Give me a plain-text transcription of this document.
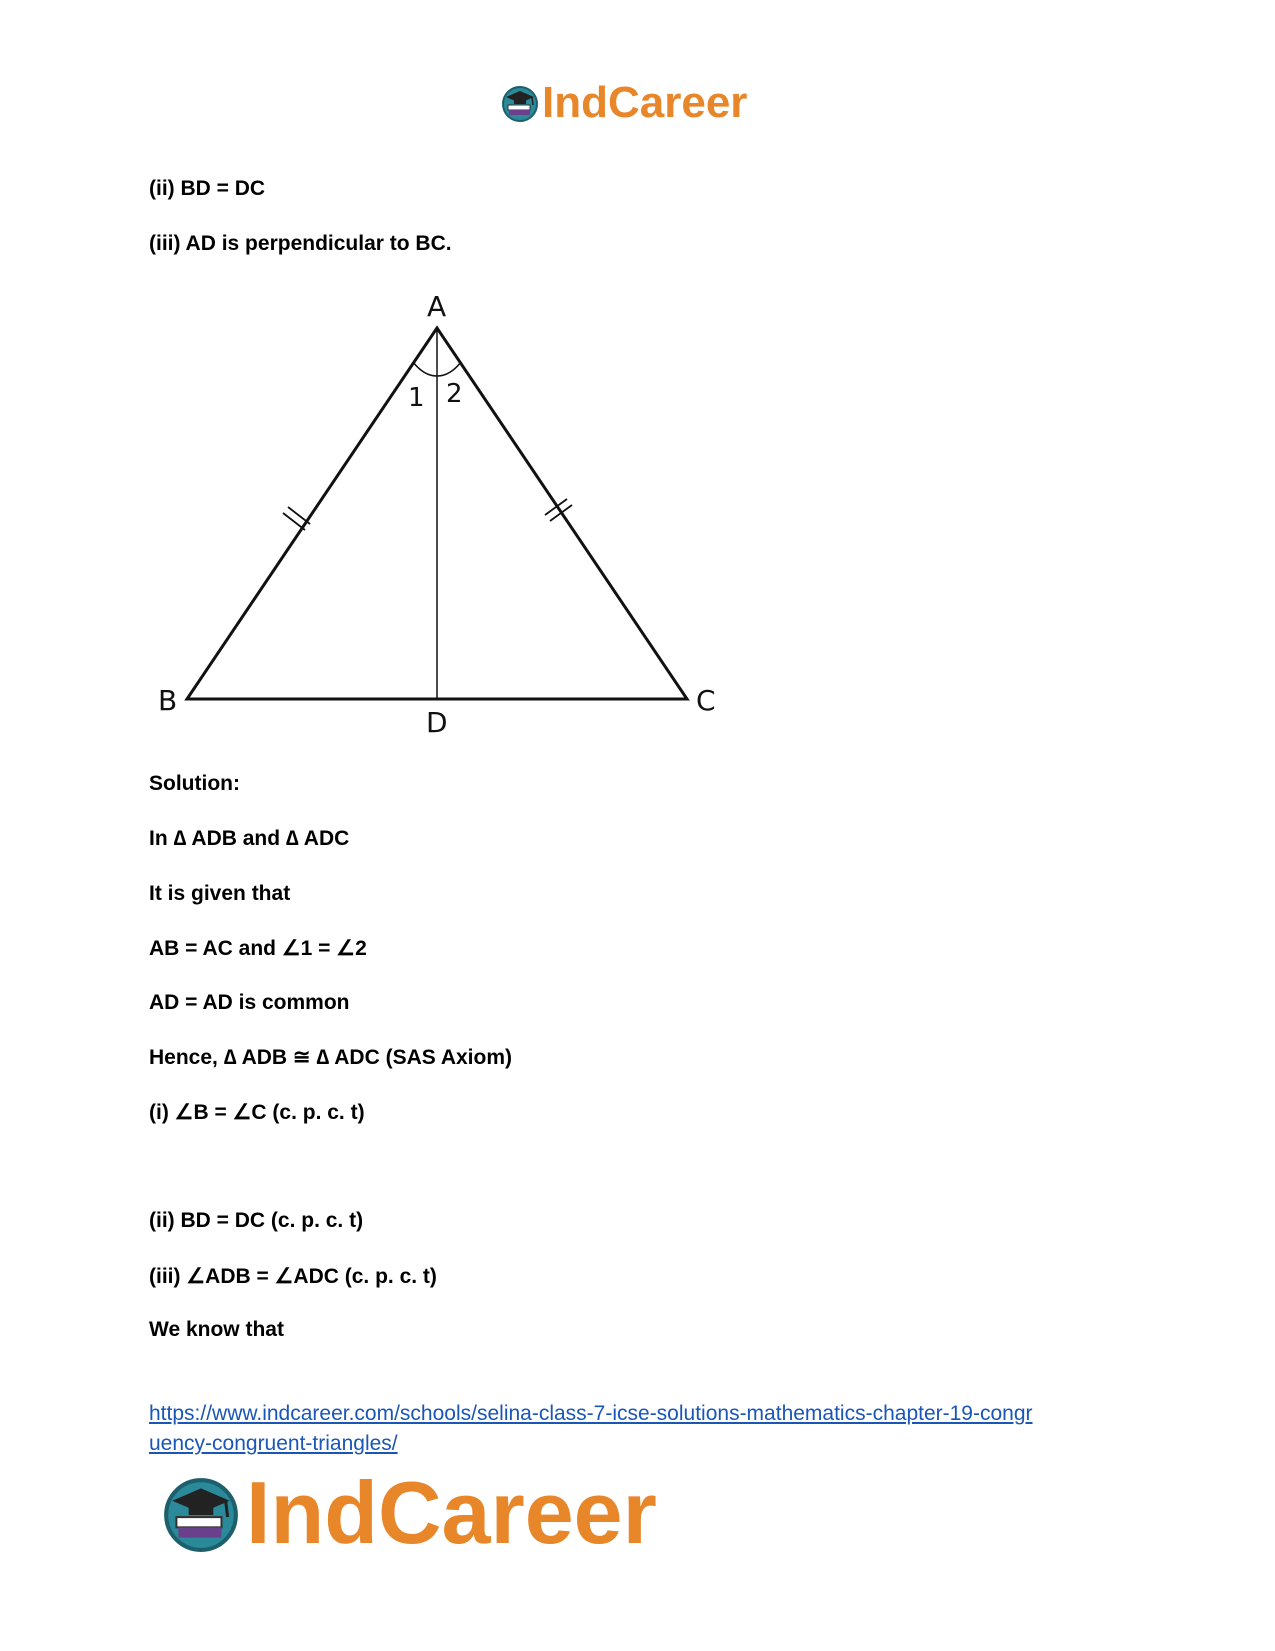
IndCareer

(ii) BD = DC

(iii) AD is perpendicular to BC.

A
B	C
D
1 2

Solution:

In ∆ ADB and ∆ ADC

It is given that

AB = AC and ∠1 = ∠2

AD = AD is common

Hence, ∆ ADB ≅ ∆ ADC (SAS Axiom)

(i) ∠B = ∠C (c. p. c. t)

(ii) BD = DC (c. p. c. t)

(iii) ∠ADB = ∠ADC (c. p. c. t)

We know that

https://www.indcareer.com/schools/selina-class-7-icse-solutions-mathematics-chapter-19-congr
uency-congruent-triangles/
IndCareer
